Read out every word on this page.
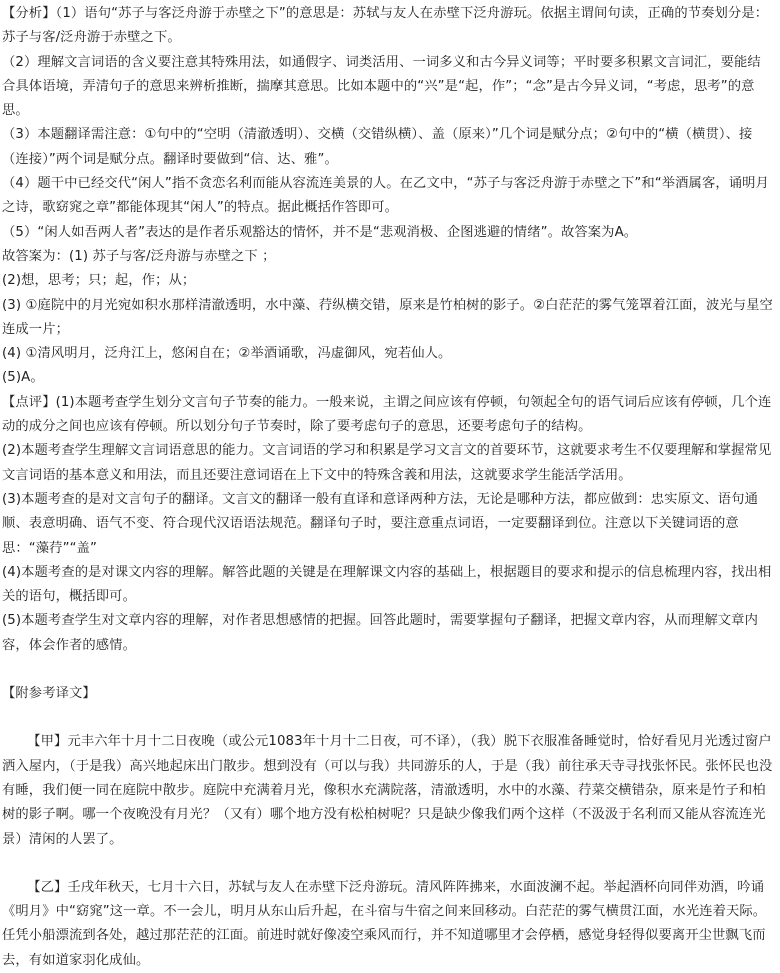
【分析】（1）语句“苏子与客泛舟游于赤壁之下”的意思是：苏轼与友人在赤壁下泛舟游玩。依据主谓间句读，正确的节奏划分是：苏子与客/泛舟游于赤壁之下。

（2）理解文言词语的含义要注意其特殊用法，如通假字、词类活用、一词多义和古今异义词等；平时要多积累文言词汇，要能结合具体语境，弄清句子的意思来辨析推断，揣摩其意思。比如本题中的“兴”是“起，作”；“念”是古今异义词，“考虑，思考”的意思。

（3）本题翻译需注意：①句中的“空明（清澈透明）、交横（交错纵横）、盖（原来）”几个词是赋分点；②句中的“横（横贯）、接（连接）”两个词是赋分点。翻译时要做到“信、达、雅”。

（4）题干中已经交代“闲人”指不贪恋名利而能从容流连美景的人。在乙文中，“苏子与客泛舟游于赤壁之下”和“举酒属客，诵明月之诗，歌窈窕之章”都能体现其“闲人”的特点。据此概括作答即可。

（5）“闲人如吾两人者”表达的是作者乐观豁达的情怀，并不是“悲观消极、企图逃避的情绪”。故答案为A。

故答案为：(1) 苏子与客/泛舟游与赤壁之下 ；

(2)想，思考；只；起，作；从；

(3) ①庭院中的月光宛如积水那样清澈透明，水中藻、荇纵横交错，原来是竹柏树的影子。②白茫茫的雾气笼罩着江面，波光与星空连成一片；

(4) ①清风明月，泛舟江上，悠闲自在；②举酒诵歌，冯虚御风，宛若仙人。

(5)A。

【点评】(1)本题考查学生划分文言句子节奏的能力。一般来说，主谓之间应该有停顿，句领起全句的语气词后应该有停顿，几个连动的成分之间也应该有停顿。所以划分句子节奏时，除了要考虑句子的意思，还要考虑句子的结构。

(2)本题考查学生理解文言词语意思的能力。文言词语的学习和积累是学习文言文的首要环节，这就要求考生不仅要理解和掌握常见文言词语的基本意义和用法，而且还要注意词语在上下文中的特殊含義和用法，这就要求学生能活学活用。

(3)本题考查的是对文言句子的翻译。文言文的翻译一般有直译和意译两种方法，无论是哪种方法，都应做到：忠实原文、语句通顺、表意明确、语气不变、符合现代汉语语法规范。翻译句子时，要注意重点词语，一定要翻译到位。注意以下关键词语的意思：“藻荇”“盖”

(4)本题考查的是对课文内容的理解。解答此题的关键是在理解课文内容的基础上，根据题目的要求和提示的信息梳理内容，找出相关的语句，概括即可。

(5)本题考查学生对文章内容的理解，对作者思想感情的把握。回答此题时，需要掌握句子翻译，把握文章内容，从而理解文章内容，体会作者的感情。

【附参考译文】

【甲】元丰六年十月十二日夜晚（或公元1083年十月十二日夜，可不译），（我）脱下衣服准备睡觉时，恰好看见月光透过窗户洒入屋内，（于是我）高兴地起床出门散步。想到没有（可以与我）共同游乐的人，于是（我）前往承天寺寻找张怀民。张怀民也没有睡，我们便一同在庭院中散步。庭院中充满着月光，像积水充满院落，清澈透明，水中的水藻、荇菜交横错杂，原来是竹子和柏树的影子啊。哪一个夜晚没有月光？（又有）哪个地方没有松柏树呢？只是缺少像我们两个这样（不汲汲于名利而又能从容流连光景）清闲的人罢了。

【乙】壬戌年秋天，七月十六日，苏轼与友人在赤壁下泛舟游玩。清风阵阵拂来，水面波澜不起。举起酒杯向同伴劝酒，吟诵《明月》中“窈窕”这一章。不一会儿，明月从东山后升起，在斗宿与牛宿之间来回移动。白茫茫的雾气横贯江面，水光连着天际。任凭小船漂流到各处，越过那茫茫的江面。前进时就好像凌空乘风而行，并不知道哪里才会停栖，感觉身轻得似要离开尘世飘飞而去，有如道家羽化成仙。
